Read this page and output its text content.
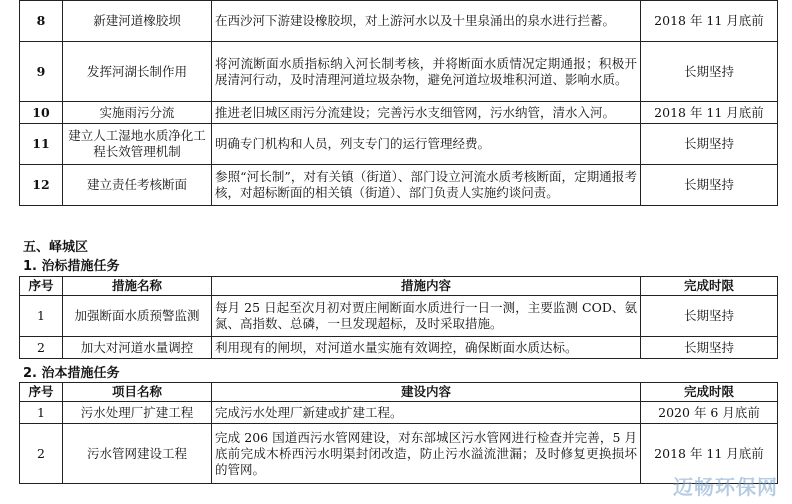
8	新建河道橡胶坝	在西沙河下游建设橡胶坝，对上游河水以及十里泉涌出的泉水进行拦蓄。	2018 年 11 月底前
9	发挥河湖长制作用	将河流断面水质指标纳入河长制考核，并将断面水质情况定期通报；积极开展清河行动，及时清理河道垃圾杂物，避免河道垃圾堆积河道、影响水质。	长期坚持
10	实施雨污分流	推进老旧城区雨污分流建设；完善污水支细管网，污水纳管，清水入河。	2018 年 11 月底前
11	建立人工湿地水质净化工程长效管理机制	明确专门机构和人员，列支专门的运行管理经费。	长期坚持
12	建立责任考核断面	参照“河长制”，对有关镇（街道）、部门设立河流水质考核断面，定期通报考核，对超标断面的相关镇（街道）、部门负责人实施约谈问责。	长期坚持
五、峄城区
1. 治标措施任务
序号	措施名称	措施内容	完成时限
1	加强断面水质预警监测	每月 25 日起至次月初对贾庄闸断面水质进行一日一测，主要监测 COD、氨氮、高指数、总磷，一旦发现超标，及时采取措施。	长期坚持
2	加大对河道水量调控	利用现有的闸坝，对河道水量实施有效调控，确保断面水质达标。	长期坚持
2. 治本措施任务
序号	项目名称	建设内容	完成时限
1	污水处理厂扩建工程	完成污水处理厂新建或扩建工程。	2020 年 6 月底前
2	污水管网建设工程	完成 206 国道西污水管网建设，对东部城区污水管网进行检查并完善，5 月底前完成木桥西污水明渠封闭改造，防止污水溢流泄漏；及时修复更换损坏的管网。	2018 年 11 月底前
迈畅环保网
